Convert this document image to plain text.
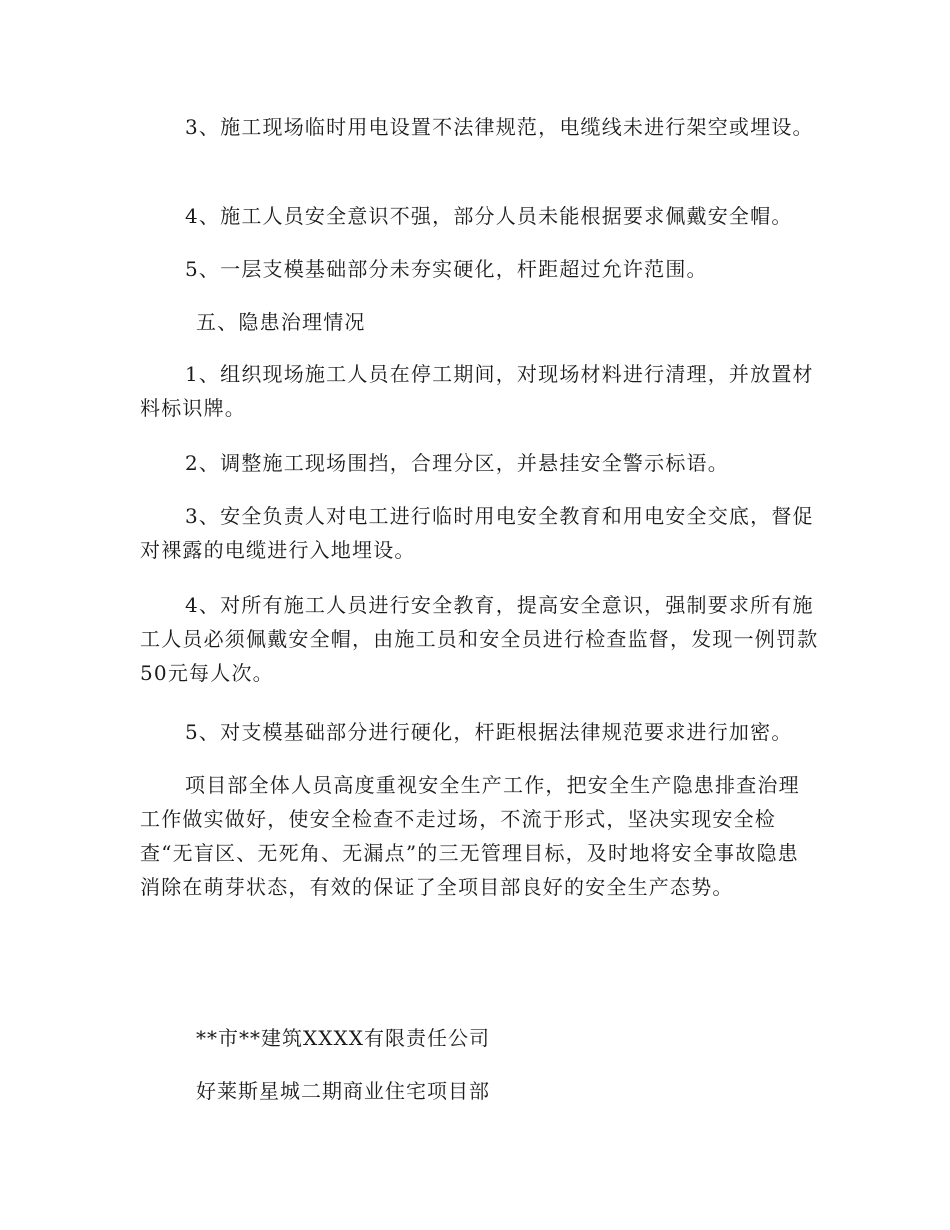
3、施工现场临时用电设置不法律规范，电缆线未进行架空或埋设。

4、施工人员安全意识不强，部分人员未能根据要求佩戴安全帽。

5、一层支模基础部分未夯实硬化，杆距超过允许范围。

五、隐患治理情况

1、组织现场施工人员在停工期间，对现场材料进行清理，并放置材料标识牌。

2、调整施工现场围挡，合理分区，并悬挂安全警示标语。

3、安全负责人对电工进行临时用电安全教育和用电安全交底，督促对裸露的电缆进行入地埋设。

4、对所有施工人员进行安全教育，提高安全意识，强制要求所有施工人员必须佩戴安全帽，由施工员和安全员进行检查监督，发现一例罚款50元每人次。

5、对支模基础部分进行硬化，杆距根据法律规范要求进行加密。

项目部全体人员高度重视安全生产工作，把安全生产隐患排查治理工作做实做好，使安全检查不走过场，不流于形式，坚决实现安全检查“无盲区、无死角、无漏点”的三无管理目标，及时地将安全事故隐患消除在萌芽状态，有效的保证了全项目部良好的安全生产态势。

**市**建筑XXXX有限责任公司

好莱斯星城二期商业住宅项目部
